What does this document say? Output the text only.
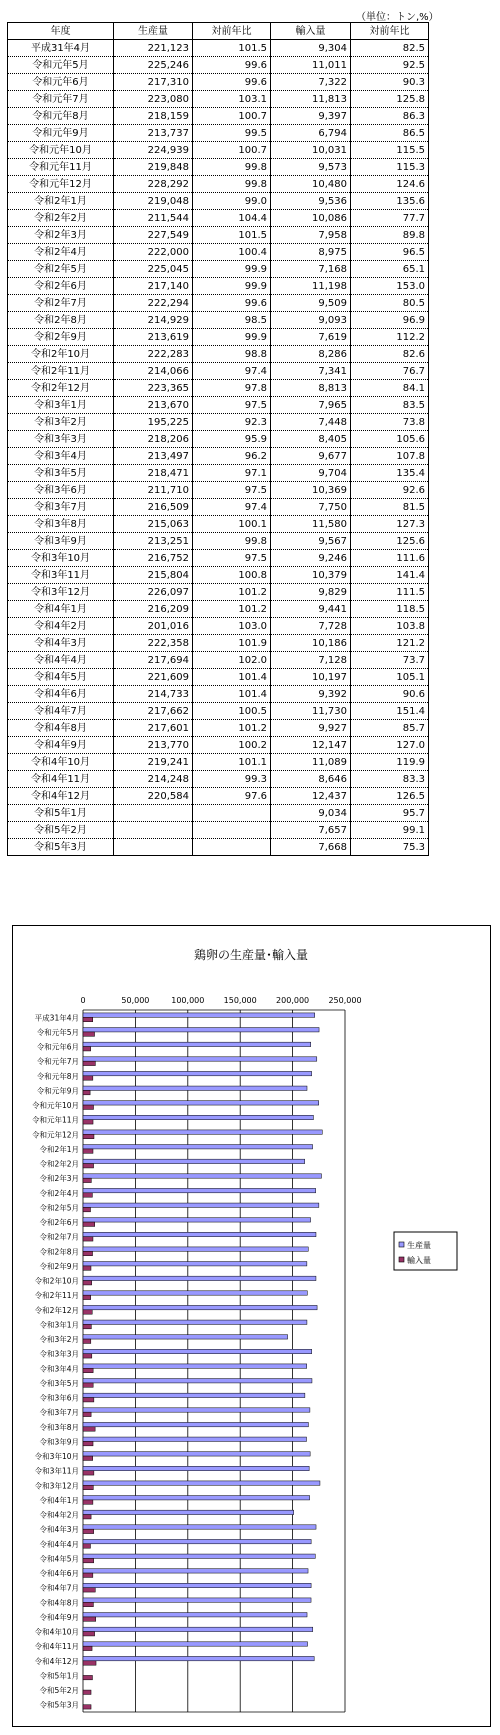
（単位：トン,%）
年度	生産量	対前年比	輸入量	対前年比
平成31年4月	221,123	101.5	9,304	82.5
令和元年5月	225,246	99.6	11,011	92.5
令和元年6月	217,310	99.6	7,322	90.3
令和元年7月	223,080	103.1	11,813	125.8
令和元年8月	218,159	100.7	9,397	86.3
令和元年9月	213,737	99.5	6,794	86.5
令和元年10月	224,939	100.7	10,031	115.5
令和元年11月	219,848	99.8	9,573	115.3
令和元年12月	228,292	99.8	10,480	124.6
令和2年1月	219,048	99.0	9,536	135.6
令和2年2月	211,544	104.4	10,086	77.7
令和2年3月	227,549	101.5	7,958	89.8
令和2年4月	222,000	100.4	8,975	96.5
令和2年5月	225,045	99.9	7,168	65.1
令和2年6月	217,140	99.9	11,198	153.0
令和2年7月	222,294	99.6	9,509	80.5
令和2年8月	214,929	98.5	9,093	96.9
令和2年9月	213,619	99.9	7,619	112.2
令和2年10月	222,283	98.8	8,286	82.6
令和2年11月	214,066	97.4	7,341	76.7
令和2年12月	223,365	97.8	8,813	84.1
令和3年1月	213,670	97.5	7,965	83.5
令和3年2月	195,225	92.3	7,448	73.8
令和3年3月	218,206	95.9	8,405	105.6
令和3年4月	213,497	96.2	9,677	107.8
令和3年5月	218,471	97.1	9,704	135.4
令和3年6月	211,710	97.5	10,369	92.6
令和3年7月	216,509	97.4	7,750	81.5
令和3年8月	215,063	100.1	11,580	127.3
令和3年9月	213,251	99.8	9,567	125.6
令和3年10月	216,752	97.5	9,246	111.6
令和3年11月	215,804	100.8	10,379	141.4
令和3年12月	226,097	101.2	9,829	111.5
令和4年1月	216,209	101.2	9,441	118.5
令和4年2月	201,016	103.0	7,728	103.8
令和4年3月	222,358	101.9	10,186	121.2
令和4年4月	217,694	102.0	7,128	73.7
令和4年5月	221,609	101.4	10,197	105.1
令和4年6月	214,733	101.4	9,392	90.6
令和4年7月	217,662	100.5	11,730	151.4
令和4年8月	217,601	101.2	9,927	85.7
令和4年9月	213,770	100.2	12,147	127.0
令和4年10月	219,241	101.1	11,089	119.9
令和4年11月	214,248	99.3	8,646	83.3
令和4年12月	220,584	97.6	12,437	126.5
令和5年1月			9,034	95.7
令和5年2月			7,657	99.1
令和5年3月			7,668	75.3
鶏卵の生産量･輸入量
0	50,000	100,000 150,000 200,000 250,000
平成31年4月
令和元年5月
令和元年6月
令和元年7月
令和元年8月
令和元年9月
令和元年10月
令和元年11月
令和元年12月
令和2年1月
令和2年2月
令和2年3月
令和2年4月
令和2年5月
令和2年6月
令和2年7月
令和2年8月
令和2年9月
令和2年10月
令和2年11月
令和2年12月
令和3年1月
令和3年2月
令和3年3月
令和3年4月
令和3年5月
令和3年6月
令和3年7月
令和3年8月
令和3年9月
令和3年10月
令和3年11月
令和3年12月
令和4年1月
令和4年2月
令和4年3月
令和4年4月
令和4年5月
令和4年6月
令和4年7月
令和4年8月
令和4年9月
令和4年10月
令和4年11月
令和4年12月
令和5年1月
令和5年2月
令和5年3月
生産量
輸入量
